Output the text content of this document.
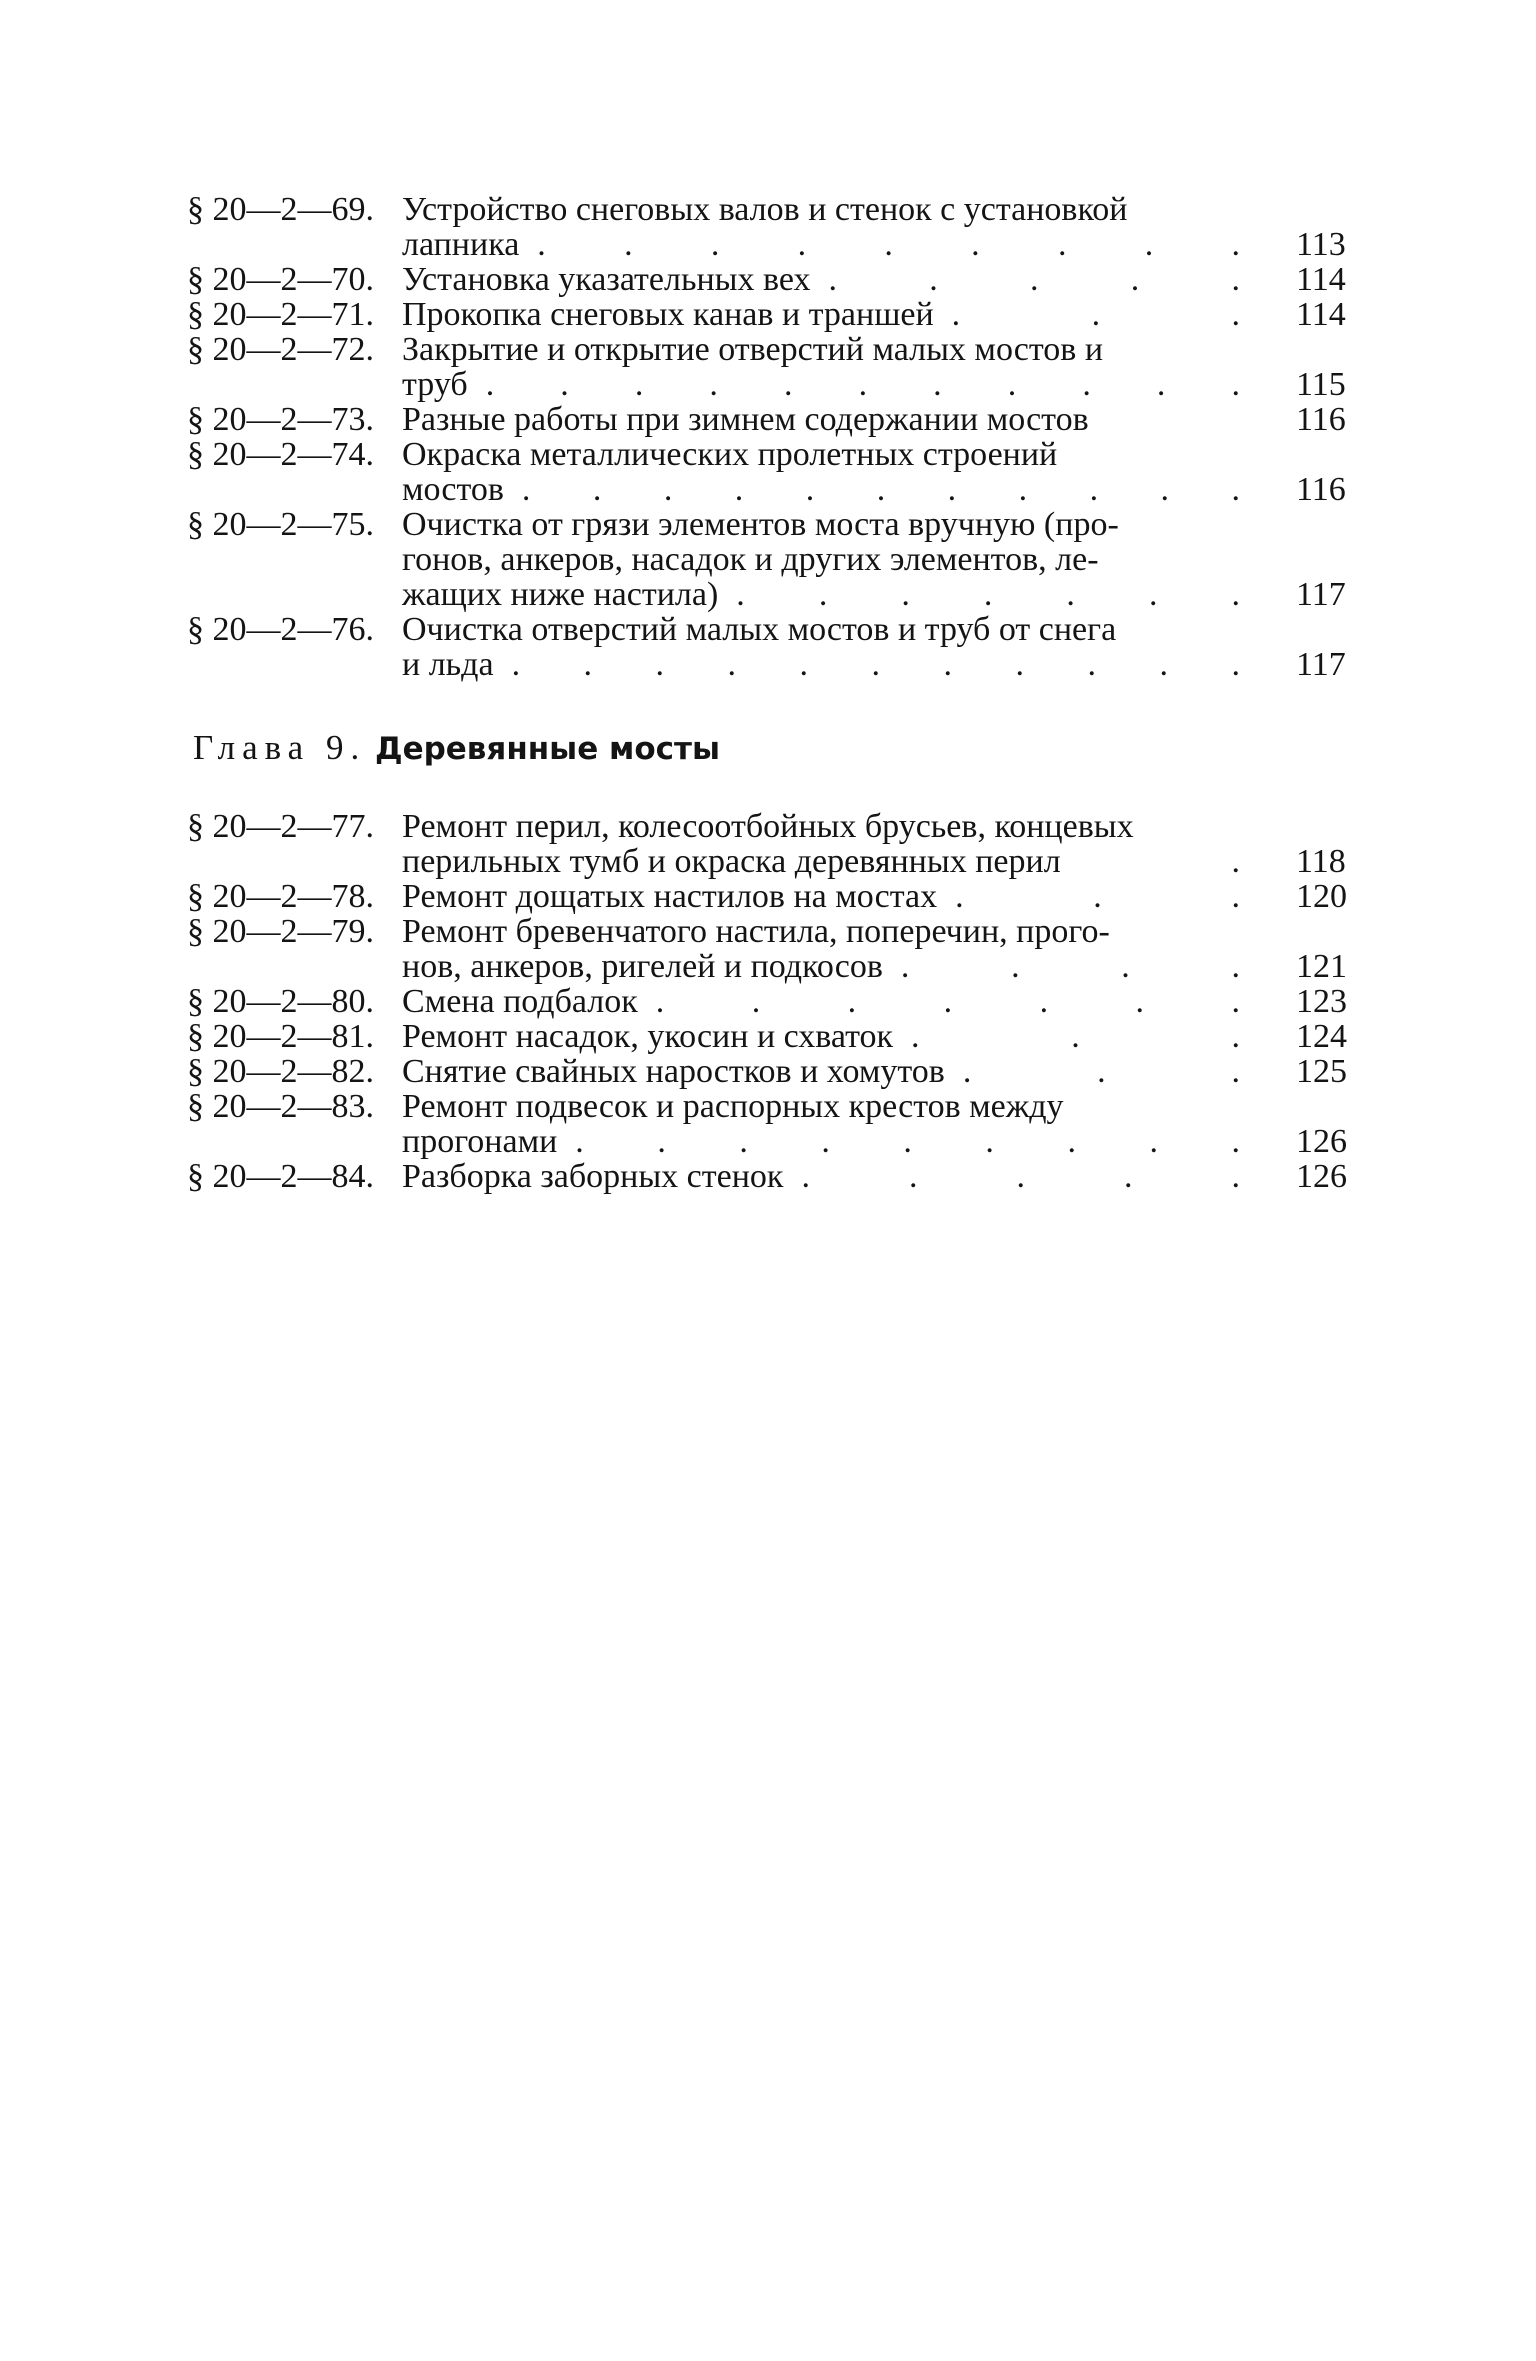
§ 20—2—69. Устройство снеговых валов и стенок с установкой
лапника . . . . . . . . . 113
§ 20—2—70. Установка указательных вех . . . . . 114
§ 20—2—71. Прокопка снеговых канав и траншей . . . 114
§ 20—2—72. Закрытие и открытие отверстий малых мостов и
труб . . . . . . . . . . . 115
§ 20—2—73. Разные работы при зимнем содержании мостов	116
§ 20—2—74. Окраска металлических пролетных строений
мостов . . . . . . . . . . . 116
§ 20—2—75. Очистка от грязи элементов моста вручную (про-
гонов, анкеров, насадок и других элементов, ле-
жащих ниже настила) . . . . . . . 117
§ 20—2—76. Очистка отверстий малых мостов и труб от снега
и льда . . . . . . . . . . . 117
§ 20—2—77. Ремонт перил, колесоотбойных брусьев, концевых
перильных тумб и окраска деревянных перил	. 118
§ 20—2—78. Ремонт дощатых настилов на мостах . . . 120
§ 20—2—79. Ремонт бревенчатого настила, поперечин, прого-
нов, анкеров, ригелей и подкосов . . . . 121
§ 20—2—80. Смена подбалок . . . . . . . 123
§ 20—2—81. Ремонт насадок, укосин и схваток . . . 124
§ 20—2—82. Снятие свайных наростков и хомутов . . . 125
§ 20—2—83. Ремонт подвесок и распорных крестов между
прогонами . . . . . . . . . 126
§ 20—2—84. Разборка заборных стенок . . . . . 126
Глава 9. Деревянные мосты
